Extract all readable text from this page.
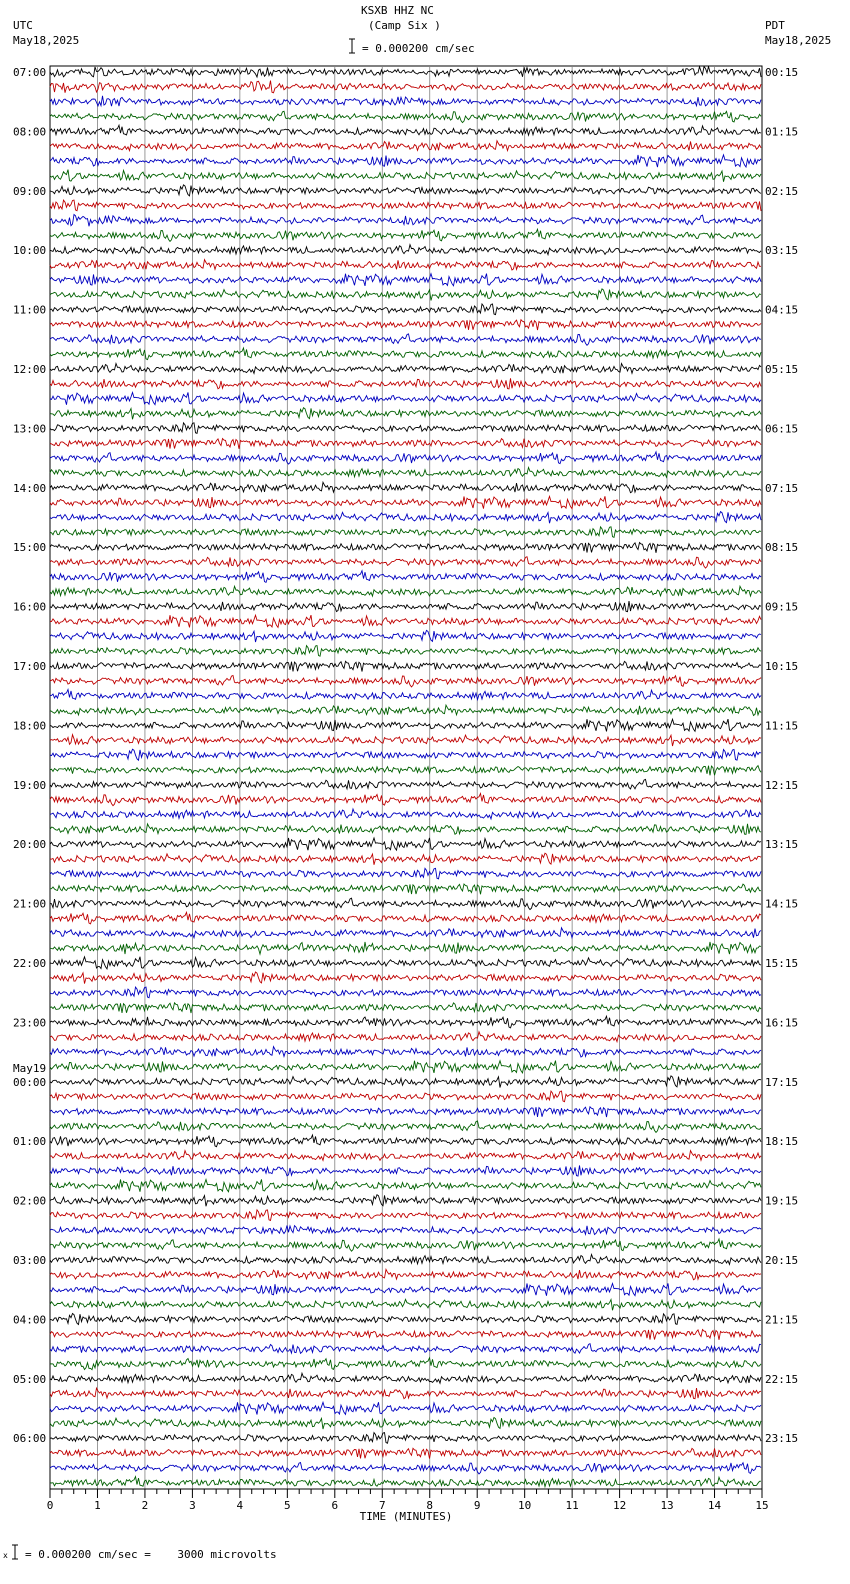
KSXB HHZ NC
(Camp Six )
UTC
May18,2025
PDT
May18,2025
= 0.000200 cm/sec
07:00	00:15
08:00	01:15
09:00	02:15
10:00	03:15
11:00	04:15
12:00	05:15
13:00	06:15
14:00	07:15
15:00	08:15
16:00	09:15
17:00	10:15
18:00	11:15
19:00	12:15
20:00	13:15
21:00	14:15
22:00	15:15
23:00	16:15
00:00	17:15
01:00	18:15
02:00	19:15
03:00	20:15
04:00	21:15
05:00	22:15
06:00	23:15
May19
0	1	2	3	4	5	6	7	8	9	10	11	12	13	14	15
TIME (MINUTES)
x = 0.000200 cm/sec =    3000 microvolts
